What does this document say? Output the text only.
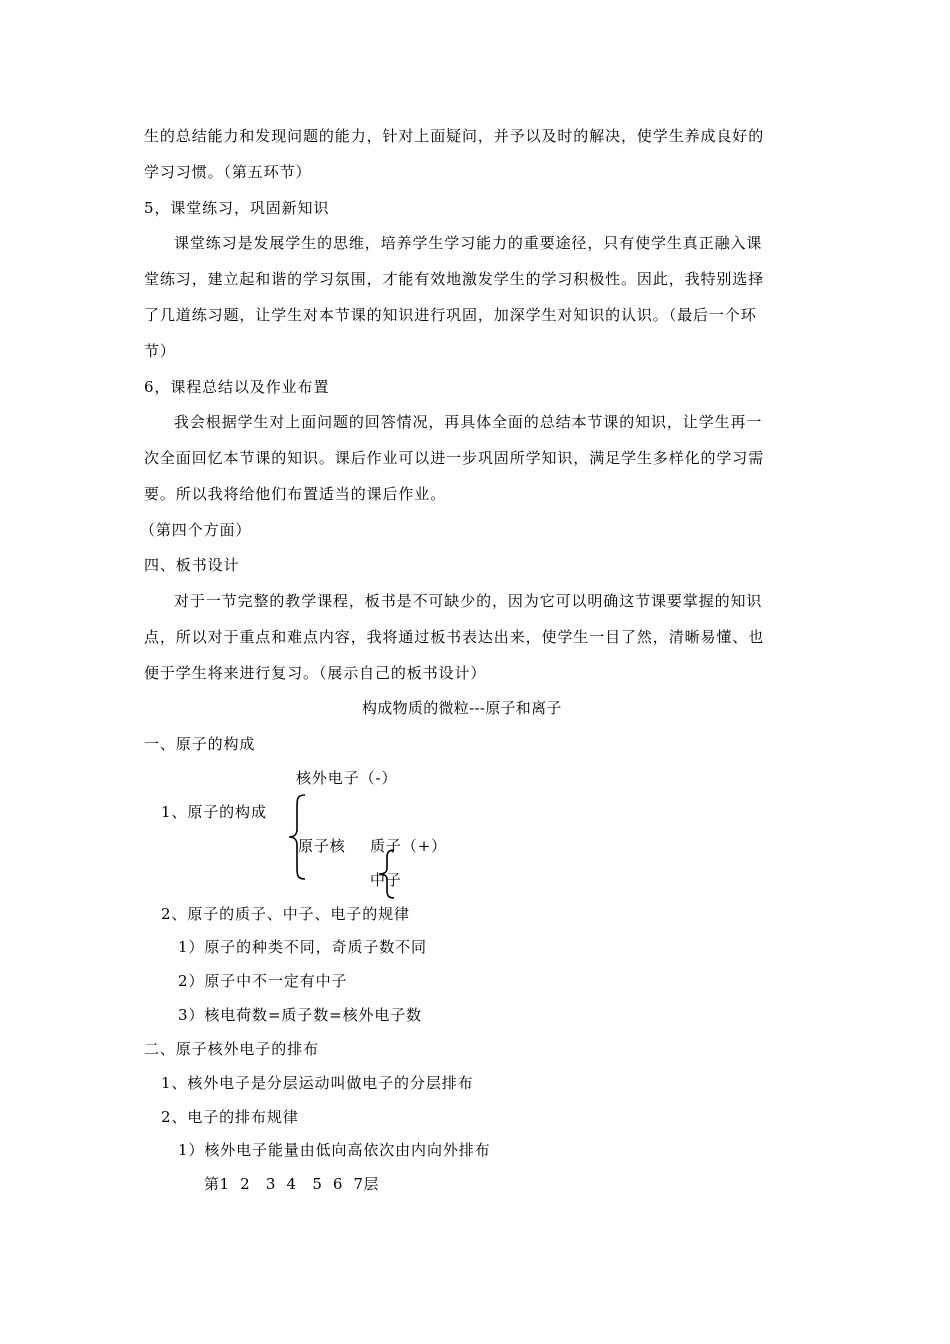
生的总结能力和发现问题的能力，针对上面疑问，并予以及时的解决，使学生养成良好的
学习习惯。（第五环节）
5，课堂练习，巩固新知识
课堂练习是发展学生的思维，培养学生学习能力的重要途径，只有使学生真正融入课
堂练习，建立起和谐的学习氛围，才能有效地激发学生的学习积极性。因此，我特别选择
了几道练习题，让学生对本节课的知识进行巩固，加深学生对知识的认识。（最后一个环
节）
6，课程总结以及作业布置
我会根据学生对上面问题的回答情况，再具体全面的总结本节课的知识，让学生再一
次全面回忆本节课的知识。课后作业可以进一步巩固所学知识，满足学生多样化的学习需
要。所以我将给他们布置适当的课后作业。
（第四个方面）
四、板书设计
对于一节完整的教学课程，板书是不可缺少的，因为它可以明确这节课要掌握的知识
点，所以对于重点和难点内容，我将通过板书表达出来，使学生一目了然，清晰易懂、也
便于学生将来进行复习。（展示自己的板书设计）
构成物质的微粒---原子和离子
一、原子的构成
核外电子（-）
1、原子的构成
原子核 质子（+）
中子
2、原子的质子、中子、电子的规律
1）原子的种类不同，奇质子数不同
2）原子中不一定有中子
3）核电荷数=质子数=核外电子数
二、原子核外电子的排布
1、核外电子是分层运动叫做电子的分层排布
2、电子的排布规律
1）核外电子能量由低向高依次由内向外排布
第1  2   3  4   5  6  7层
